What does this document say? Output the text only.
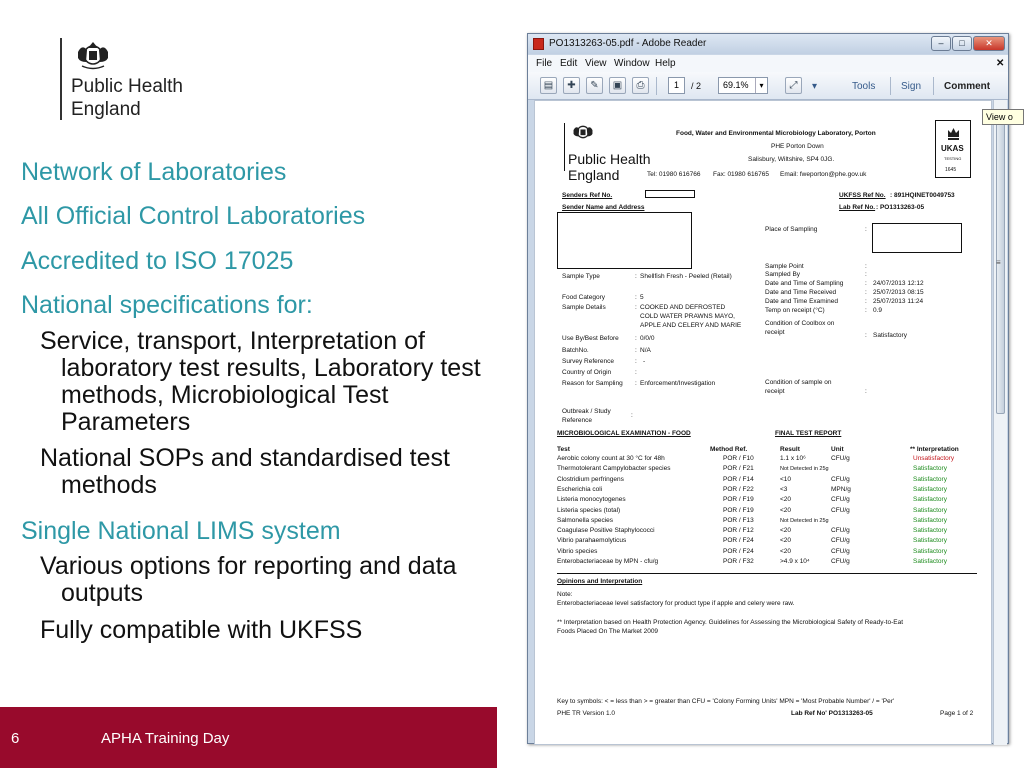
Public Health
England
Network of Laboratories
All Official Control Laboratories
Accredited to ISO 17025
National specifications for:
Service, transport, Interpretation of laboratory test results, Laboratory test methods, Microbiological Test Parameters
National SOPs and standardised test methods
Single National LIMS system
Various options for reporting and data outputs
Fully compatible with UKFSS
6	APHA Training Day
PO1313263-05.pdf - Adobe Reader	–	□	✕
File Edit View Window Help	✕
▤	✚	✎	▣	⎙	1	/ 2	69.1%	▾	⤢	▾	Tools	Sign Comment
Public Health
England
Food, Water and Environmental Microbiology Laboratory, Porton
PHE Porton Down
Salisbury, Wiltshire, SP4 0JG.
Tel: 01980 616766 Fax: 01980 616765 Email: fweporton@phe.gov.uk
UKAS
TESTING
1645
Senders Ref No.	UKFSS Ref No. : 891HQINET0049753
Sender Name and Address	Lab Ref No. : PO1313263-05
Place of Sampling	:
Sample Type	: Shellfish Fresh - Peeled (Retail)
Food Category	: 5
Sample Details	: COOKED AND DEFROSTED
COLD WATER PRAWNS MAYO,
APPLE AND CELERY AND MARIE
Use By/Best Before	: 0/0/0
BatchNo.	: N/A
Survey Reference	: -
Country of Origin	:
Reason for Sampling : Enforcement/Investigation
Outbreak / Study
Reference
:
Sample Point	:
Sampled By	:
Date and Time of Sampling	: 24/07/2013 12:12
Date and Time Received	: 25/07/2013 08:15
Date and Time Examined	: 25/07/2013 11:24
Temp on receipt (°C)	: 0.9
Condition of Coolbox on
receipt	: Satisfactory
Condition of sample on
receipt	:
MICROBIOLOGICAL EXAMINATION - FOOD	FINAL TEST REPORT
Test	Method Ref.	Result	Unit	** Interpretation
Aerobic colony count at 30 °C for 48h	POR / F10	1.1 x 10⁶	CFU/g	Unsatisfactory
Thermotolerant Campylobacter species	POR / F21	Not Detected in 25g	Satisfactory
Clostridium perfringens	POR / F14	<10	CFU/g	Satisfactory
Escherichia coli	POR / F22	<3	MPN/g	Satisfactory
Listeria monocytogenes	POR / F19	<20	CFU/g	Satisfactory
Listeria species (total)	POR / F19	<20	CFU/g	Satisfactory
Salmonella species	POR / F13	Not Detected in 25g	Satisfactory
Coagulase Positive Staphylococci	POR / F12	<20	CFU/g	Satisfactory
Vibrio parahaemolyticus	POR / F24	<20	CFU/g	Satisfactory
Vibrio species	POR / F24	<20	CFU/g	Satisfactory
Enterobacteriaceae by MPN - cfu/g	POR / F32	>4.9 x 10⁴	CFU/g	Satisfactory
Opinions and Interpretation
Note:
Enterobacteriaceae level satisfactory for product type if apple and celery were raw.
** Interpretation based on Health Protection Agency. Guidelines for Assessing the Microbiological Safety of Ready-to-Eat
Foods Placed On The Market 2009
Key to symbols: < = less than > = greater than CFU = 'Colony Forming Units' MPN = 'Most Probable Number' / = 'Per'
PHE TR Version 1.0	Lab Ref No' PO1313263-05	Page 1 of 2
≡
View o
